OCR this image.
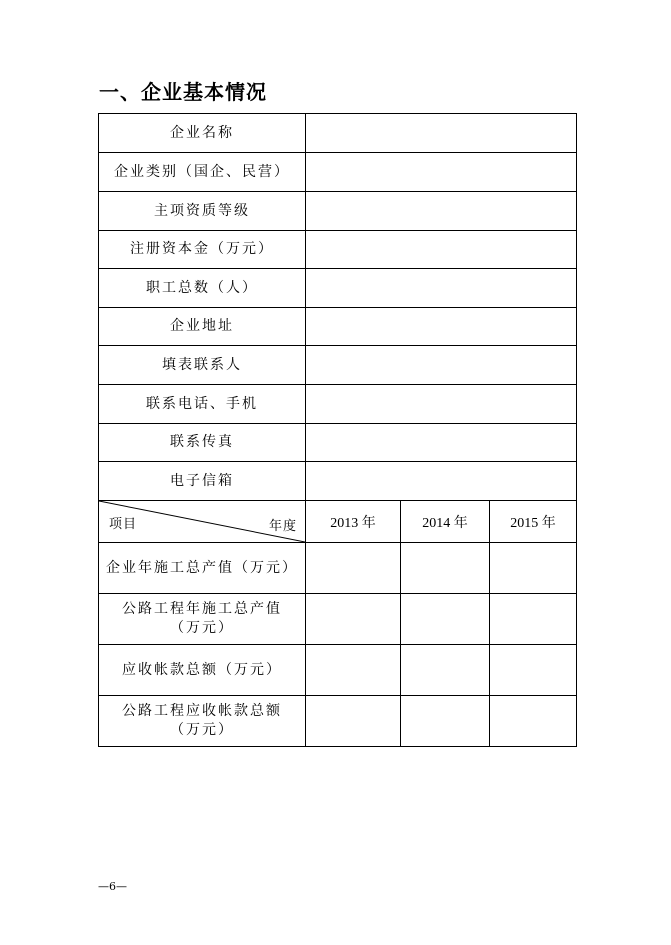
一、企业基本情况
企业名称			
企业类别（国企、民营）			
主项资质等级			
注册资本金（万元）			
职工总数（人）			
企业地址			
填表联系人			
联系电话、手机			
联系传真			
电子信箱			

年度
项目	2013 年	2014 年	2015 年

企业年施工总产值（万元）			

公路工程年施工总产值
（万元）			

应收帐款总额（万元）			

公路工程应收帐款总额
（万元）			

—6—
